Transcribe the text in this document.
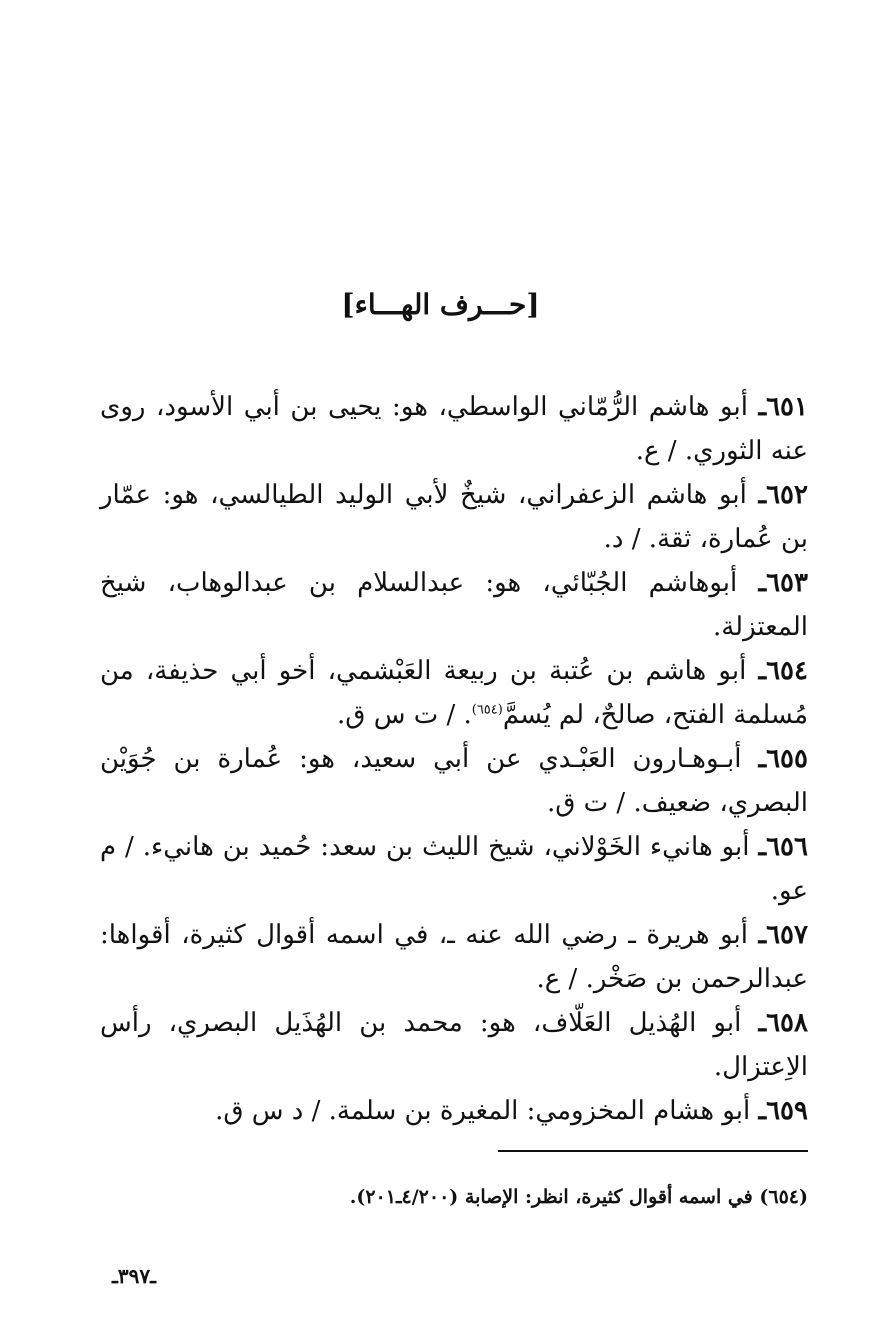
[حـــرف الهـــاء]

٦٥١ـ أبو هاشم الرُّمّاني الواسطي، هو: يحيى بن أبي الأسود، روى عنه الثوري. / ع.

٦٥٢ـ أبو هاشم الزعفراني، شيخٌ لأبي الوليد الطيالسي، هو: عمّار بن عُمارة، ثقة. / د.

٦٥٣ـ أبوهاشم الجُبّائي، هو: عبدالسلام بن عبدالوهاب، شيخ المعتزلة.

٦٥٤ـ أبو هاشم بن عُتبة بن ربيعة العَبْشمي، أخو أبي حذيفة، من مُسلمة الفتح، صالحٌ، لم يُسمَّ$^{(٦٥٤)}$. / ت س ق.

٦٥٥ـ أبـوهـارون العَبْـدي عن أبي سعيد، هو: عُمارة بن جُوَيْن البصري، ضعيف. / ت ق.

٦٥٦ـ أبو هانيء الخَوْلاني، شيخ الليث بن سعد: حُميد بن هانيء. / م عو.

٦٥٧ـ أبو هريرة ـ رضي الله عنه ـ، في اسمه أقوال كثيرة، أقواها: عبدالرحمن بن صَخْر. / ع.

٦٥٨ـ أبو الهُذيل العَلّاف، هو: محمد بن الهُذَيل البصري، رأس الاِعتزال.

٦٥٩ـ أبو هشام المخزومي: المغيرة بن سلمة. / د س ق.

(٦٥٤) في اسمه أقوال كثيرة، انظر: الإصابة (٤/٢٠٠ـ٢٠١).
ـ٣٩٧ـ
